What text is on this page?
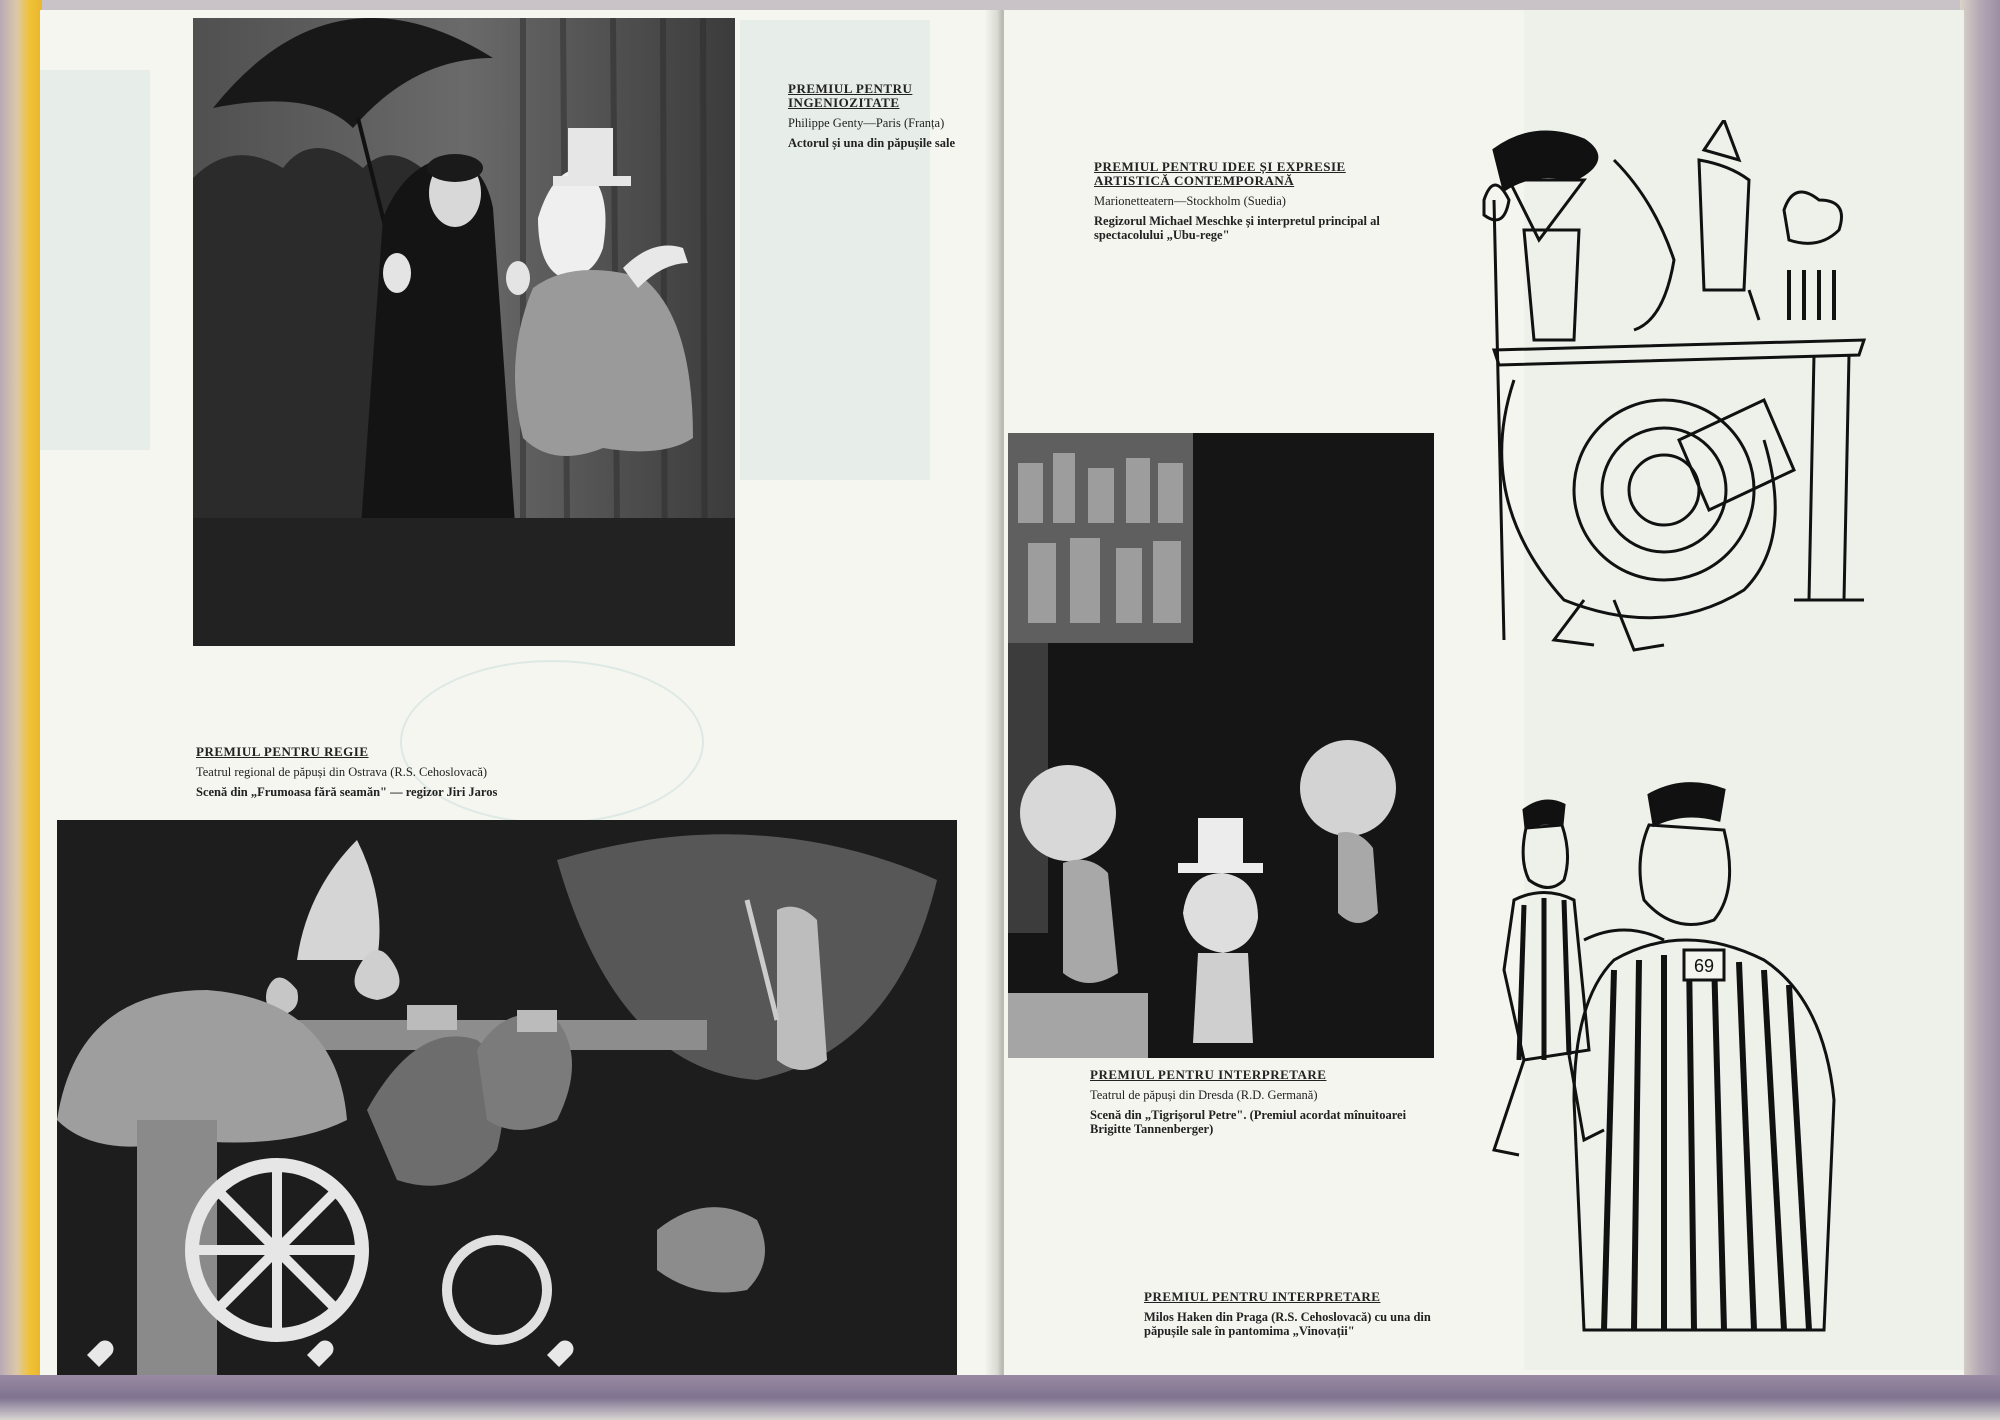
PREMIUL PENTRU INGENIOZITATE
Philippe Genty—Paris (Franța)
Actorul și una din păpușile sale
PREMIUL PENTRU REGIE
Teatrul regional de păpuși din Ostrava (R.S. Cehoslovacă)
Scenă din „Frumoasa fără seamăn" — regizor Jiri Jaros
PREMIUL PENTRU IDEE ȘI EXPRESIE ARTISTICĂ CONTEMPORANĂ
Marionetteatern—Stockholm (Suedia)
Regizorul Michael Meschke și interpretul principal al spectacolului „Ubu-rege"
PREMIUL PENTRU INTERPRETARE
Teatrul de păpuși din Dresda (R.D. Germană)
Scenă din „Tigrișorul Petre". (Premiul acordat mînuitoarei Brigitte Tannenberger)
PREMIUL PENTRU INTERPRETARE
Milos Haken din Praga (R.S. Cehoslovacă) cu una din păpușile sale în pantomima „Vinovații"
69
